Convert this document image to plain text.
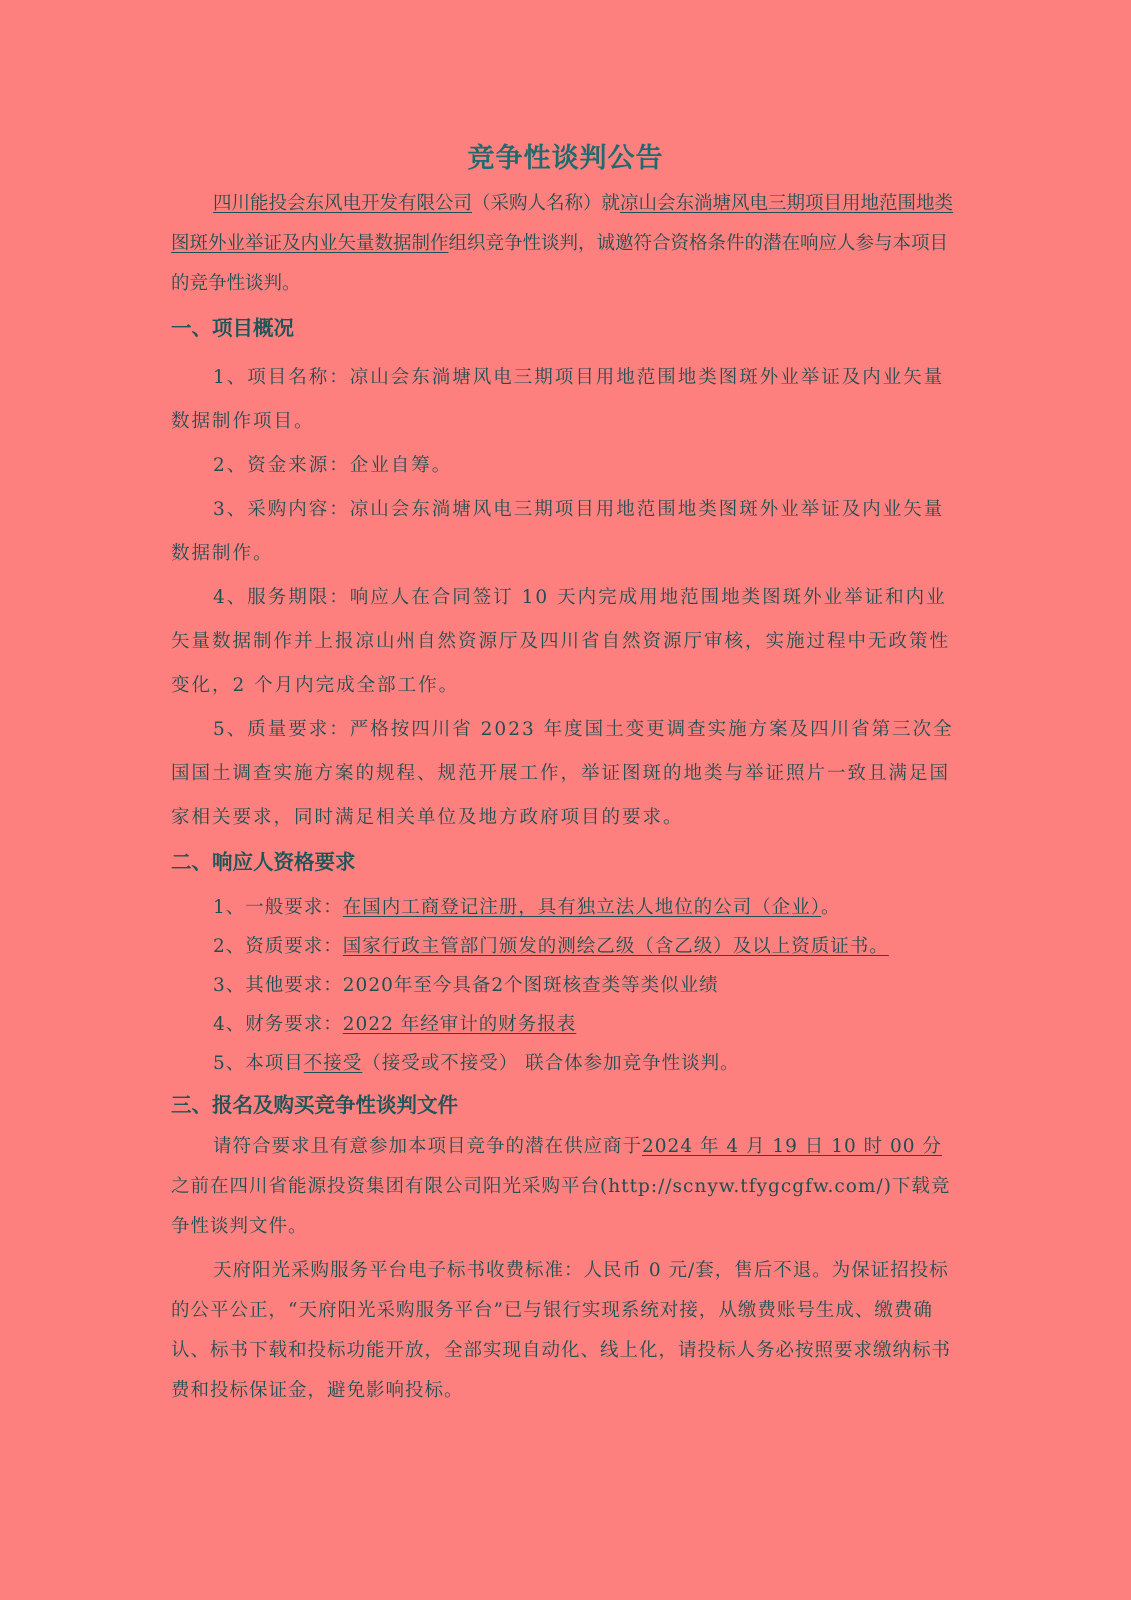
竞争性谈判公告

四川能投会东风电开发有限公司（采购人名称）就凉山会东淌塘风电三期项目用地范围地类图斑外业举证及内业矢量数据制作组织竞争性谈判，诚邀符合资格条件的潜在响应人参与本项目的竞争性谈判。

一、项目概况

1、项目名称：凉山会东淌塘风电三期项目用地范围地类图斑外业举证及内业矢量数据制作项目。

2、资金来源：企业自筹。

3、采购内容：凉山会东淌塘风电三期项目用地范围地类图斑外业举证及内业矢量数据制作。

4、服务期限：响应人在合同签订 10 天内完成用地范围地类图斑外业举证和内业矢量数据制作并上报凉山州自然资源厅及四川省自然资源厅审核，实施过程中无政策性变化，2 个月内完成全部工作。

5、质量要求：严格按四川省 2023 年度国土变更调查实施方案及四川省第三次全国国土调查实施方案的规程、规范开展工作，举证图斑的地类与举证照片一致且满足国家相关要求，同时满足相关单位及地方政府项目的要求。

二、响应人资格要求

1、一般要求：在国内工商登记注册，具有独立法人地位的公司（企业）。

2、资质要求：国家行政主管部门颁发的测绘乙级（含乙级）及以上资质证书。

3、其他要求：2020年至今具备2个图斑核查类等类似业绩

4、财务要求：2022 年经审计的财务报表

5、本项目不接受（接受或不接受） 联合体参加竞争性谈判。

三、报名及购买竞争性谈判文件

请符合要求且有意参加本项目竞争的潜在供应商于2024 年 4 月 19 日 10 时 00 分之前在四川省能源投资集团有限公司阳光采购平台(http://scnyw.tfygcgfw.com/)下载竞争性谈判文件。

天府阳光采购服务平台电子标书收费标准：人民币 0 元/套，售后不退。为保证招投标的公平公正，“天府阳光采购服务平台”已与银行实现系统对接，从缴费账号生成、缴费确认、标书下载和投标功能开放，全部实现自动化、线上化，请投标人务必按照要求缴纳标书费和投标保证金，避免影响投标。
